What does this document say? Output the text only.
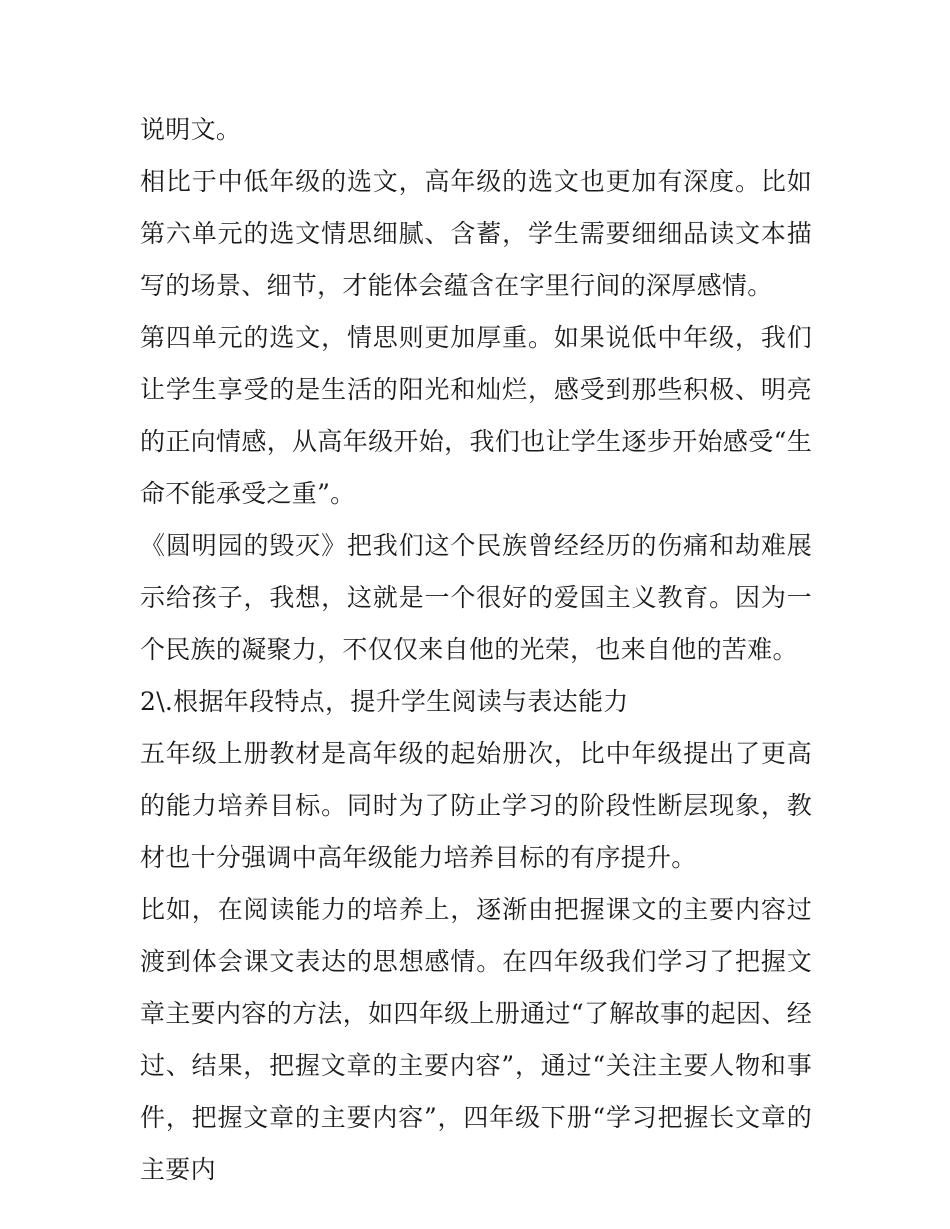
说明文。

相比于中低年级的选文，高年级的选文也更加有深度。比如第六单元的选文情思细腻、含蓄，学生需要细细品读文本描写的场景、细节，才能体会蕴含在字里行间的深厚感情。

第四单元的选文，情思则更加厚重。如果说低中年级，我们让学生享受的是生活的阳光和灿烂，感受到那些积极、明亮的正向情感，从高年级开始，我们也让学生逐步开始感受“生命不能承受之重”。

《圆明园的毁灭》把我们这个民族曾经经历的伤痛和劫难展示给孩子，我想，这就是一个很好的爱国主义教育。因为一个民族的凝聚力，不仅仅来自他的光荣，也来自他的苦难。

2\.根据年段特点，提升学生阅读与表达能力

五年级上册教材是高年级的起始册次，比中年级提出了更高的能力培养目标。同时为了防止学习的阶段性断层现象，教材也十分强调中高年级能力培养目标的有序提升。

比如，在阅读能力的培养上，逐渐由把握课文的主要内容过渡到体会课文表达的思想感情。在四年级我们学习了把握文章主要内容的方法，如四年级上册通过“了解故事的起因、经过、结果，把握文章的主要内容”，通过“关注主要人物和事件，把握文章的主要内容”，四年级下册“学习把握长文章的主要内
